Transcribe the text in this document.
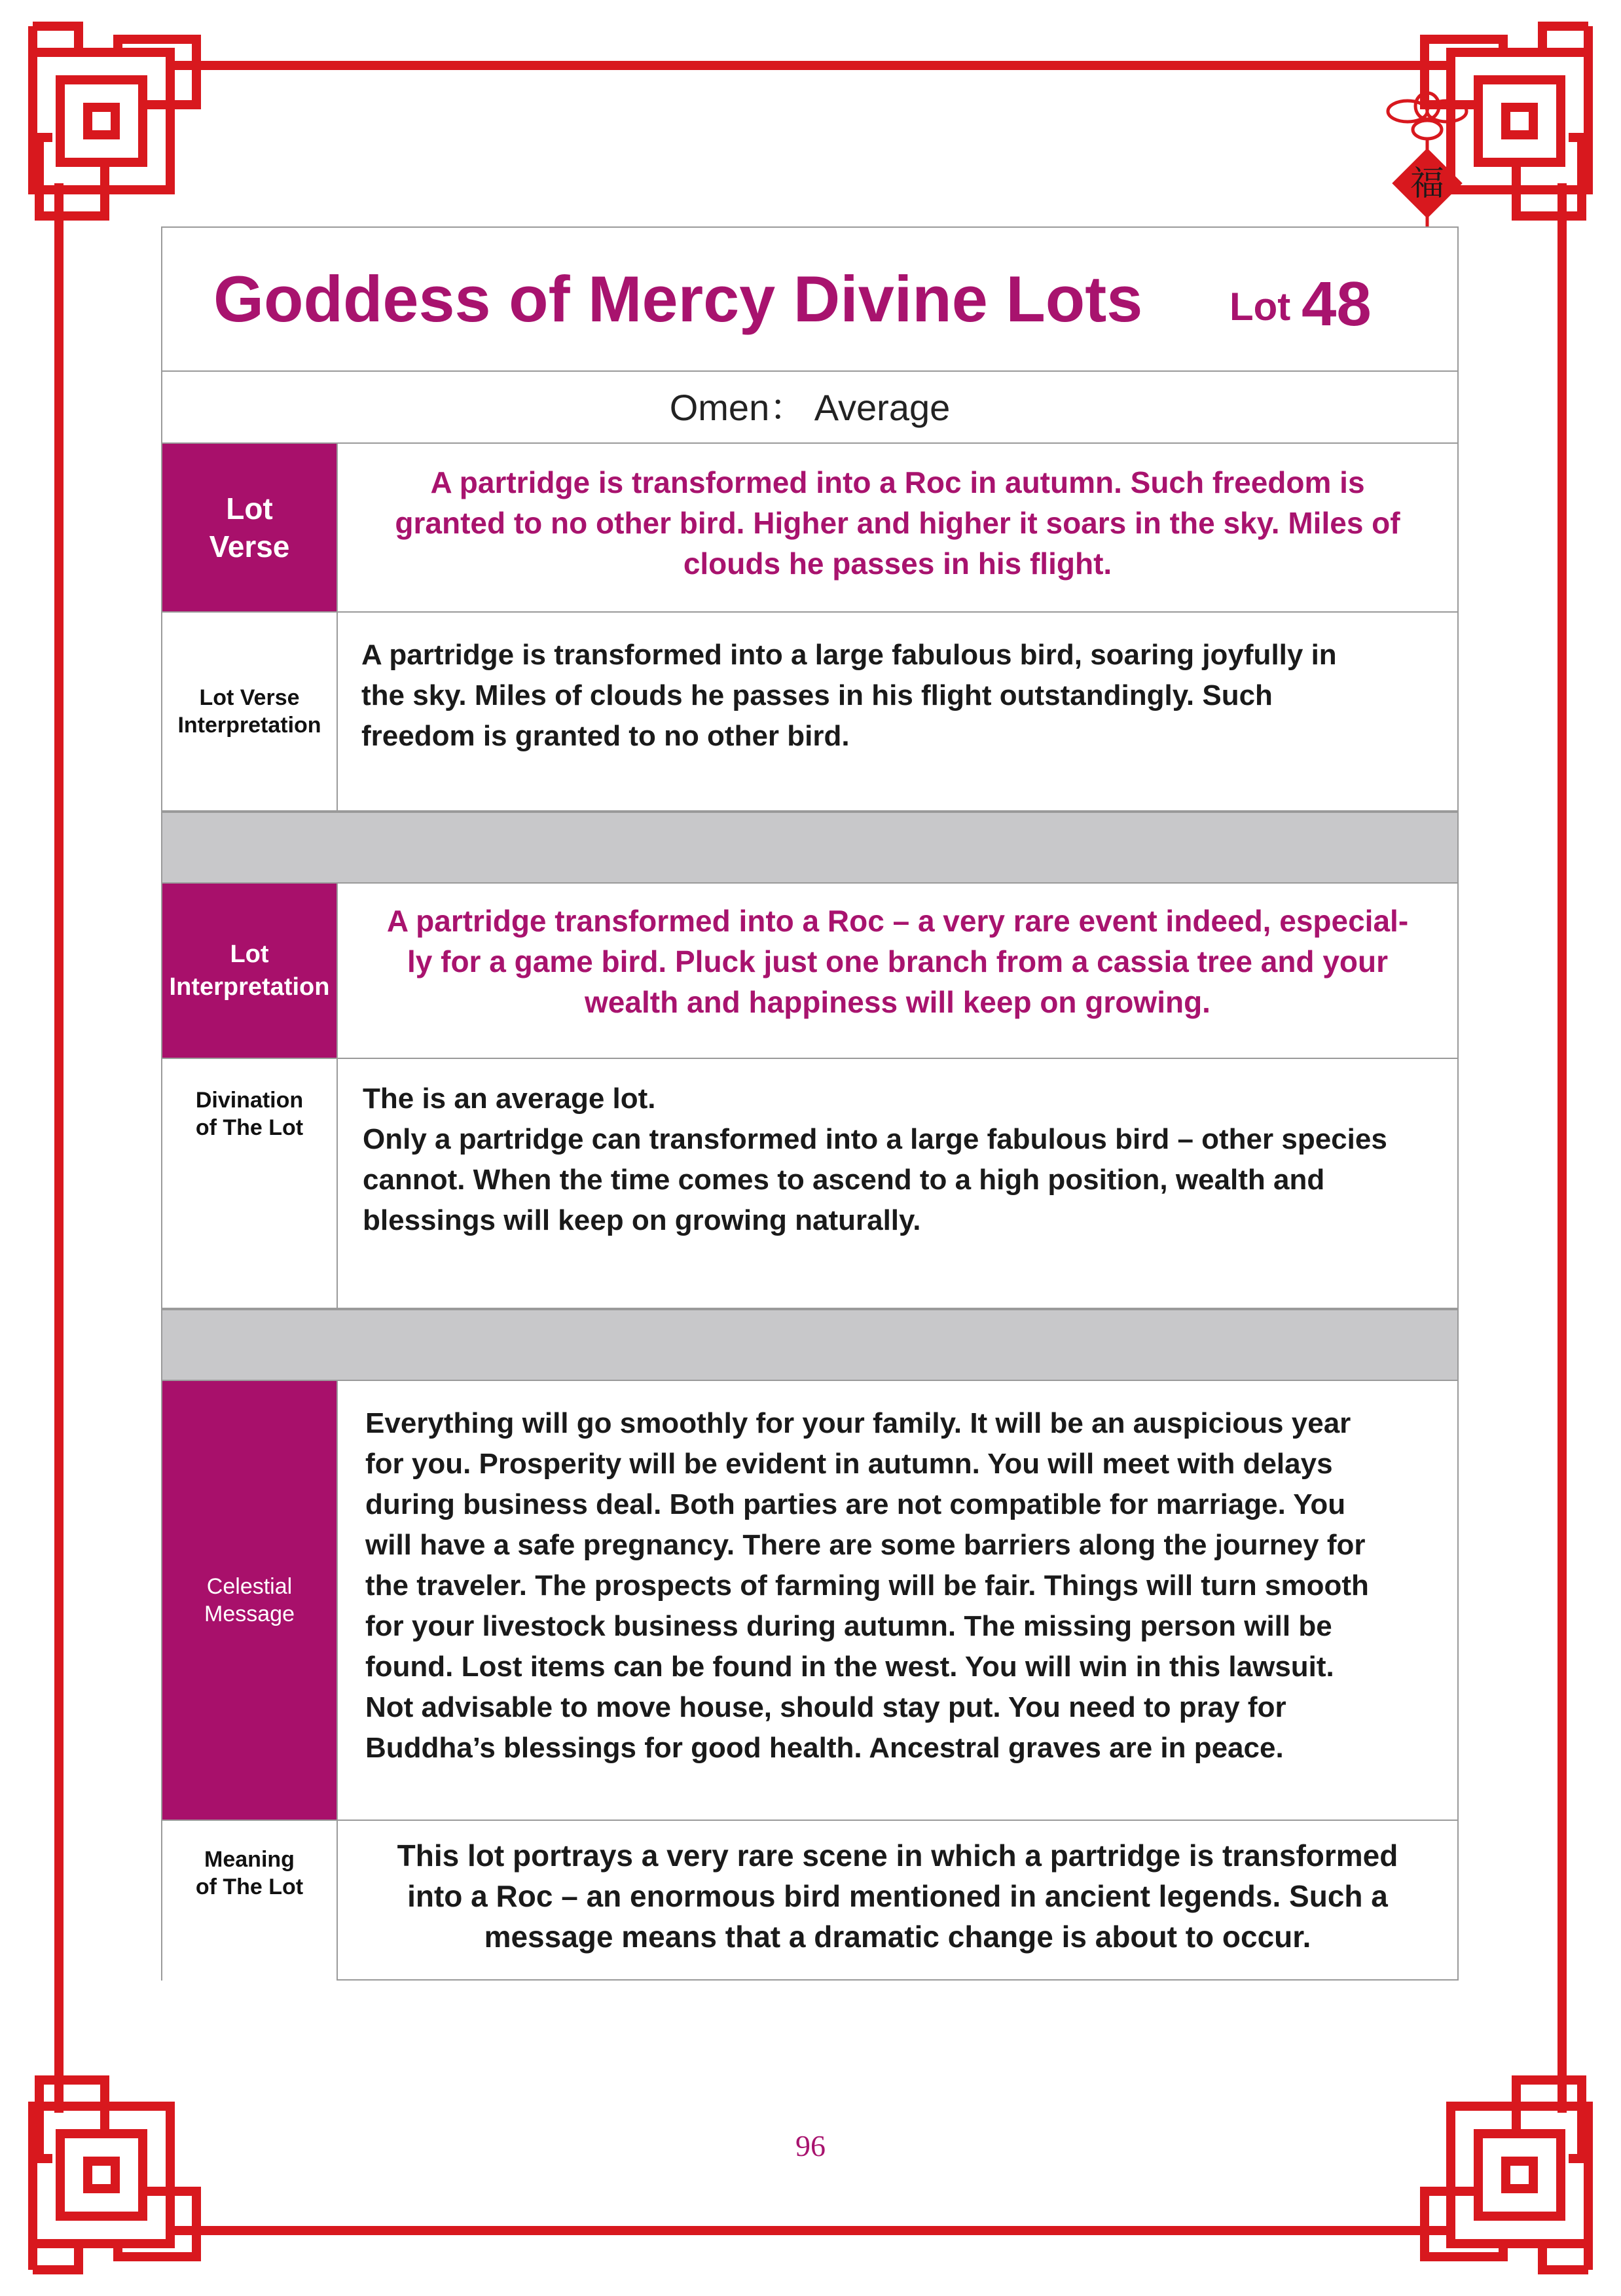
福
Goddess of Mercy Divine Lots Lot 48
Omen： Average
Lot
Verse
A partridge is transformed into a Roc in autumn. Such freedom is
granted to no other bird. Higher and higher it soars in the sky. Miles of
clouds he passes in his flight.
Lot Verse
Interpretation
A partridge is transformed into a large fabulous bird, soaring joyfully in
the sky. Miles of clouds he passes in his flight outstandingly. Such
freedom is granted to no other bird.
Lot
Interpretation
A partridge transformed into a Roc – a very rare event indeed, especial-
ly for a game bird. Pluck just one branch from a cassia tree and your
wealth and happiness will keep on growing.
Divination
of The Lot
The is an average lot.
Only a partridge can transformed into a large fabulous bird – other species
cannot. When the time comes to ascend to a high position, wealth and
blessings will keep on growing naturally.
Celestial
Message
Everything will go smoothly for your family. It will be an auspicious year
for you. Prosperity will be evident in autumn. You will meet with delays
during business deal. Both parties are not compatible for marriage. You
will have a safe pregnancy. There are some barriers along the journey for
the traveler. The prospects of farming will be fair. Things will turn smooth
for your livestock business during autumn. The missing person will be
found. Lost items can be found in the west. You will win in this lawsuit.
Not advisable to move house, should stay put. You need to pray for
Buddha’s blessings for good health. Ancestral graves are in peace.
Meaning
of The Lot
This lot portrays a very rare scene in which a partridge is transformed
into a Roc – an enormous bird mentioned in ancient legends. Such a
message means that a dramatic change is about to occur.
96
